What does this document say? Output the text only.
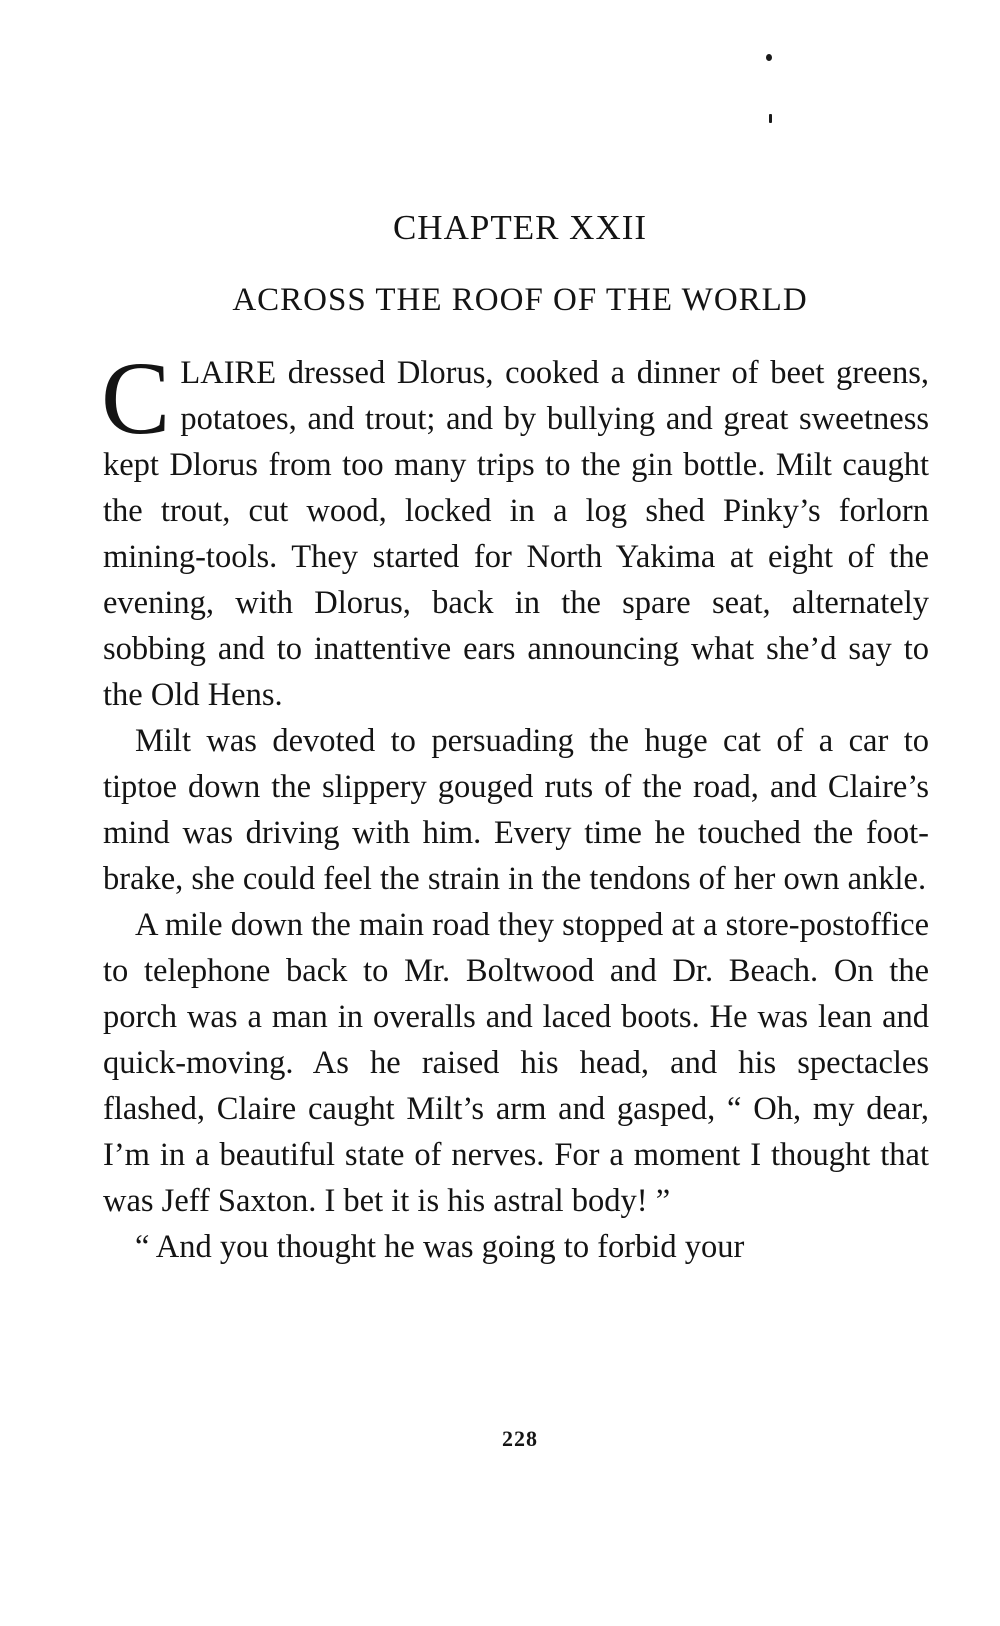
CHAPTER XXII
ACROSS THE ROOF OF THE WORLD

CLAIRE dressed Dlorus, cooked a dinner of beet greens, potatoes, and trout; and by bullying and great sweetness kept Dlorus from too many trips to the gin bottle. Milt caught the trout, cut wood, locked in a log shed Pinky’s forlorn mining-tools. They started for North Yakima at eight of the evening, with Dlorus, back in the spare seat, alternately sobbing and to inattentive ears announcing what she’d say to the Old Hens.

Milt was devoted to persuading the huge cat of a car to tiptoe down the slippery gouged ruts of the road, and Claire’s mind was driving with him. Every time he touched the foot-brake, she could feel the strain in the tendons of her own ankle.

A mile down the main road they stopped at a store-postoffice to telephone back to Mr. Boltwood and Dr. Beach. On the porch was a man in overalls and laced boots. He was lean and quick-moving. As he raised his head, and his spectacles flashed, Claire caught Milt’s arm and gasped, “ Oh, my dear, I’m in a beautiful state of nerves. For a moment I thought that was Jeff Saxton. I bet it is his astral body! ”

“ And you thought he was going to forbid your

228
